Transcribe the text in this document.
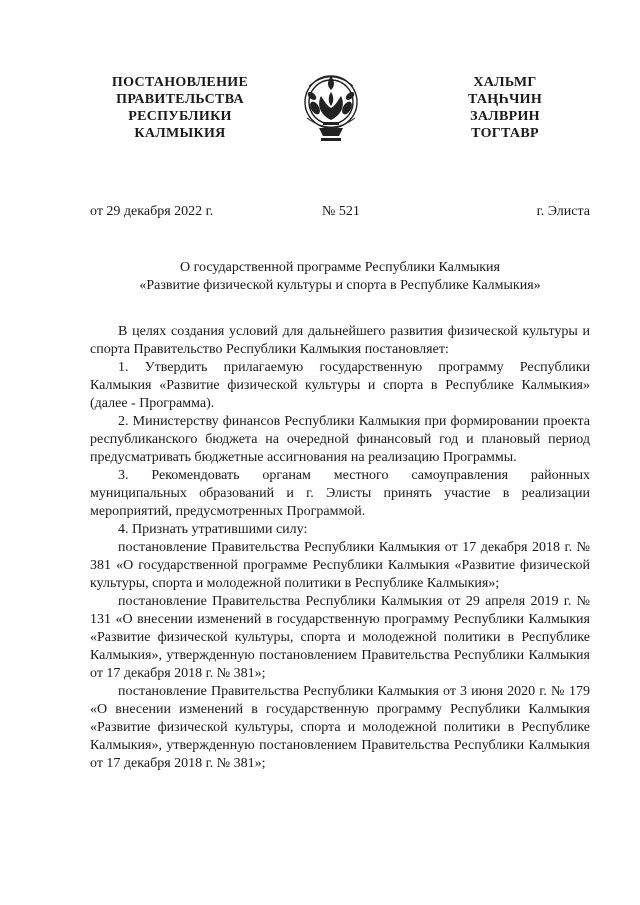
ПОСТАНОВЛЕНИЕ
ПРАВИТЕЛЬСТВА
РЕСПУБЛИКИ
КАЛМЫКИЯ
ХАЛЬМГ
ТАҢҺЧИН
ЗАЛВРИН
ТОГТАВР
от 29 декабря 2022 г.	№ 521	г. Элиста
О государственной программе Республики Калмыкия
«Развитие физической культуры и спорта в Республике Калмыкия»

В целях создания условий для дальнейшего развития физической культуры и спорта Правительство Республики Калмыкия постановляет:

1. Утвердить прилагаемую государственную программу Республики Калмыкия «Развитие физической культуры и спорта в Республике Калмыкия» (далее - Программа).

2. Министерству финансов Республики Калмыкия при формировании проекта республиканского бюджета на очередной финансовый год и плановый период предусматривать бюджетные ассигнования на реализацию Программы.

3. Рекомендовать органам местного самоуправления районных муниципальных образований и г. Элисты принять участие в реализации мероприятий, предусмотренных Программой.

4. Признать утратившими силу:

постановление Правительства Республики Калмыкия от 17 декабря 2018 г. № 381 «О государственной программе Республики Калмыкия «Развитие физической культуры, спорта и молодежной политики в Республике Калмыкия»;

постановление Правительства Республики Калмыкия от 29 апреля 2019 г. № 131 «О внесении изменений в государственную программу Республики Калмыкия «Развитие физической культуры, спорта и молодежной политики в Республике Калмыкия», утвержденную постановлением Правительства Республики Калмыкия от 17 декабря 2018 г. № 381»;

постановление Правительства Республики Калмыкия от 3 июня 2020 г. № 179 «О внесении изменений в государственную программу Республики Калмыкия «Развитие физической культуры, спорта и молодежной политики в Республике Калмыкия», утвержденную постановлением Правительства Республики Калмыкия от 17 декабря 2018 г. № 381»;
